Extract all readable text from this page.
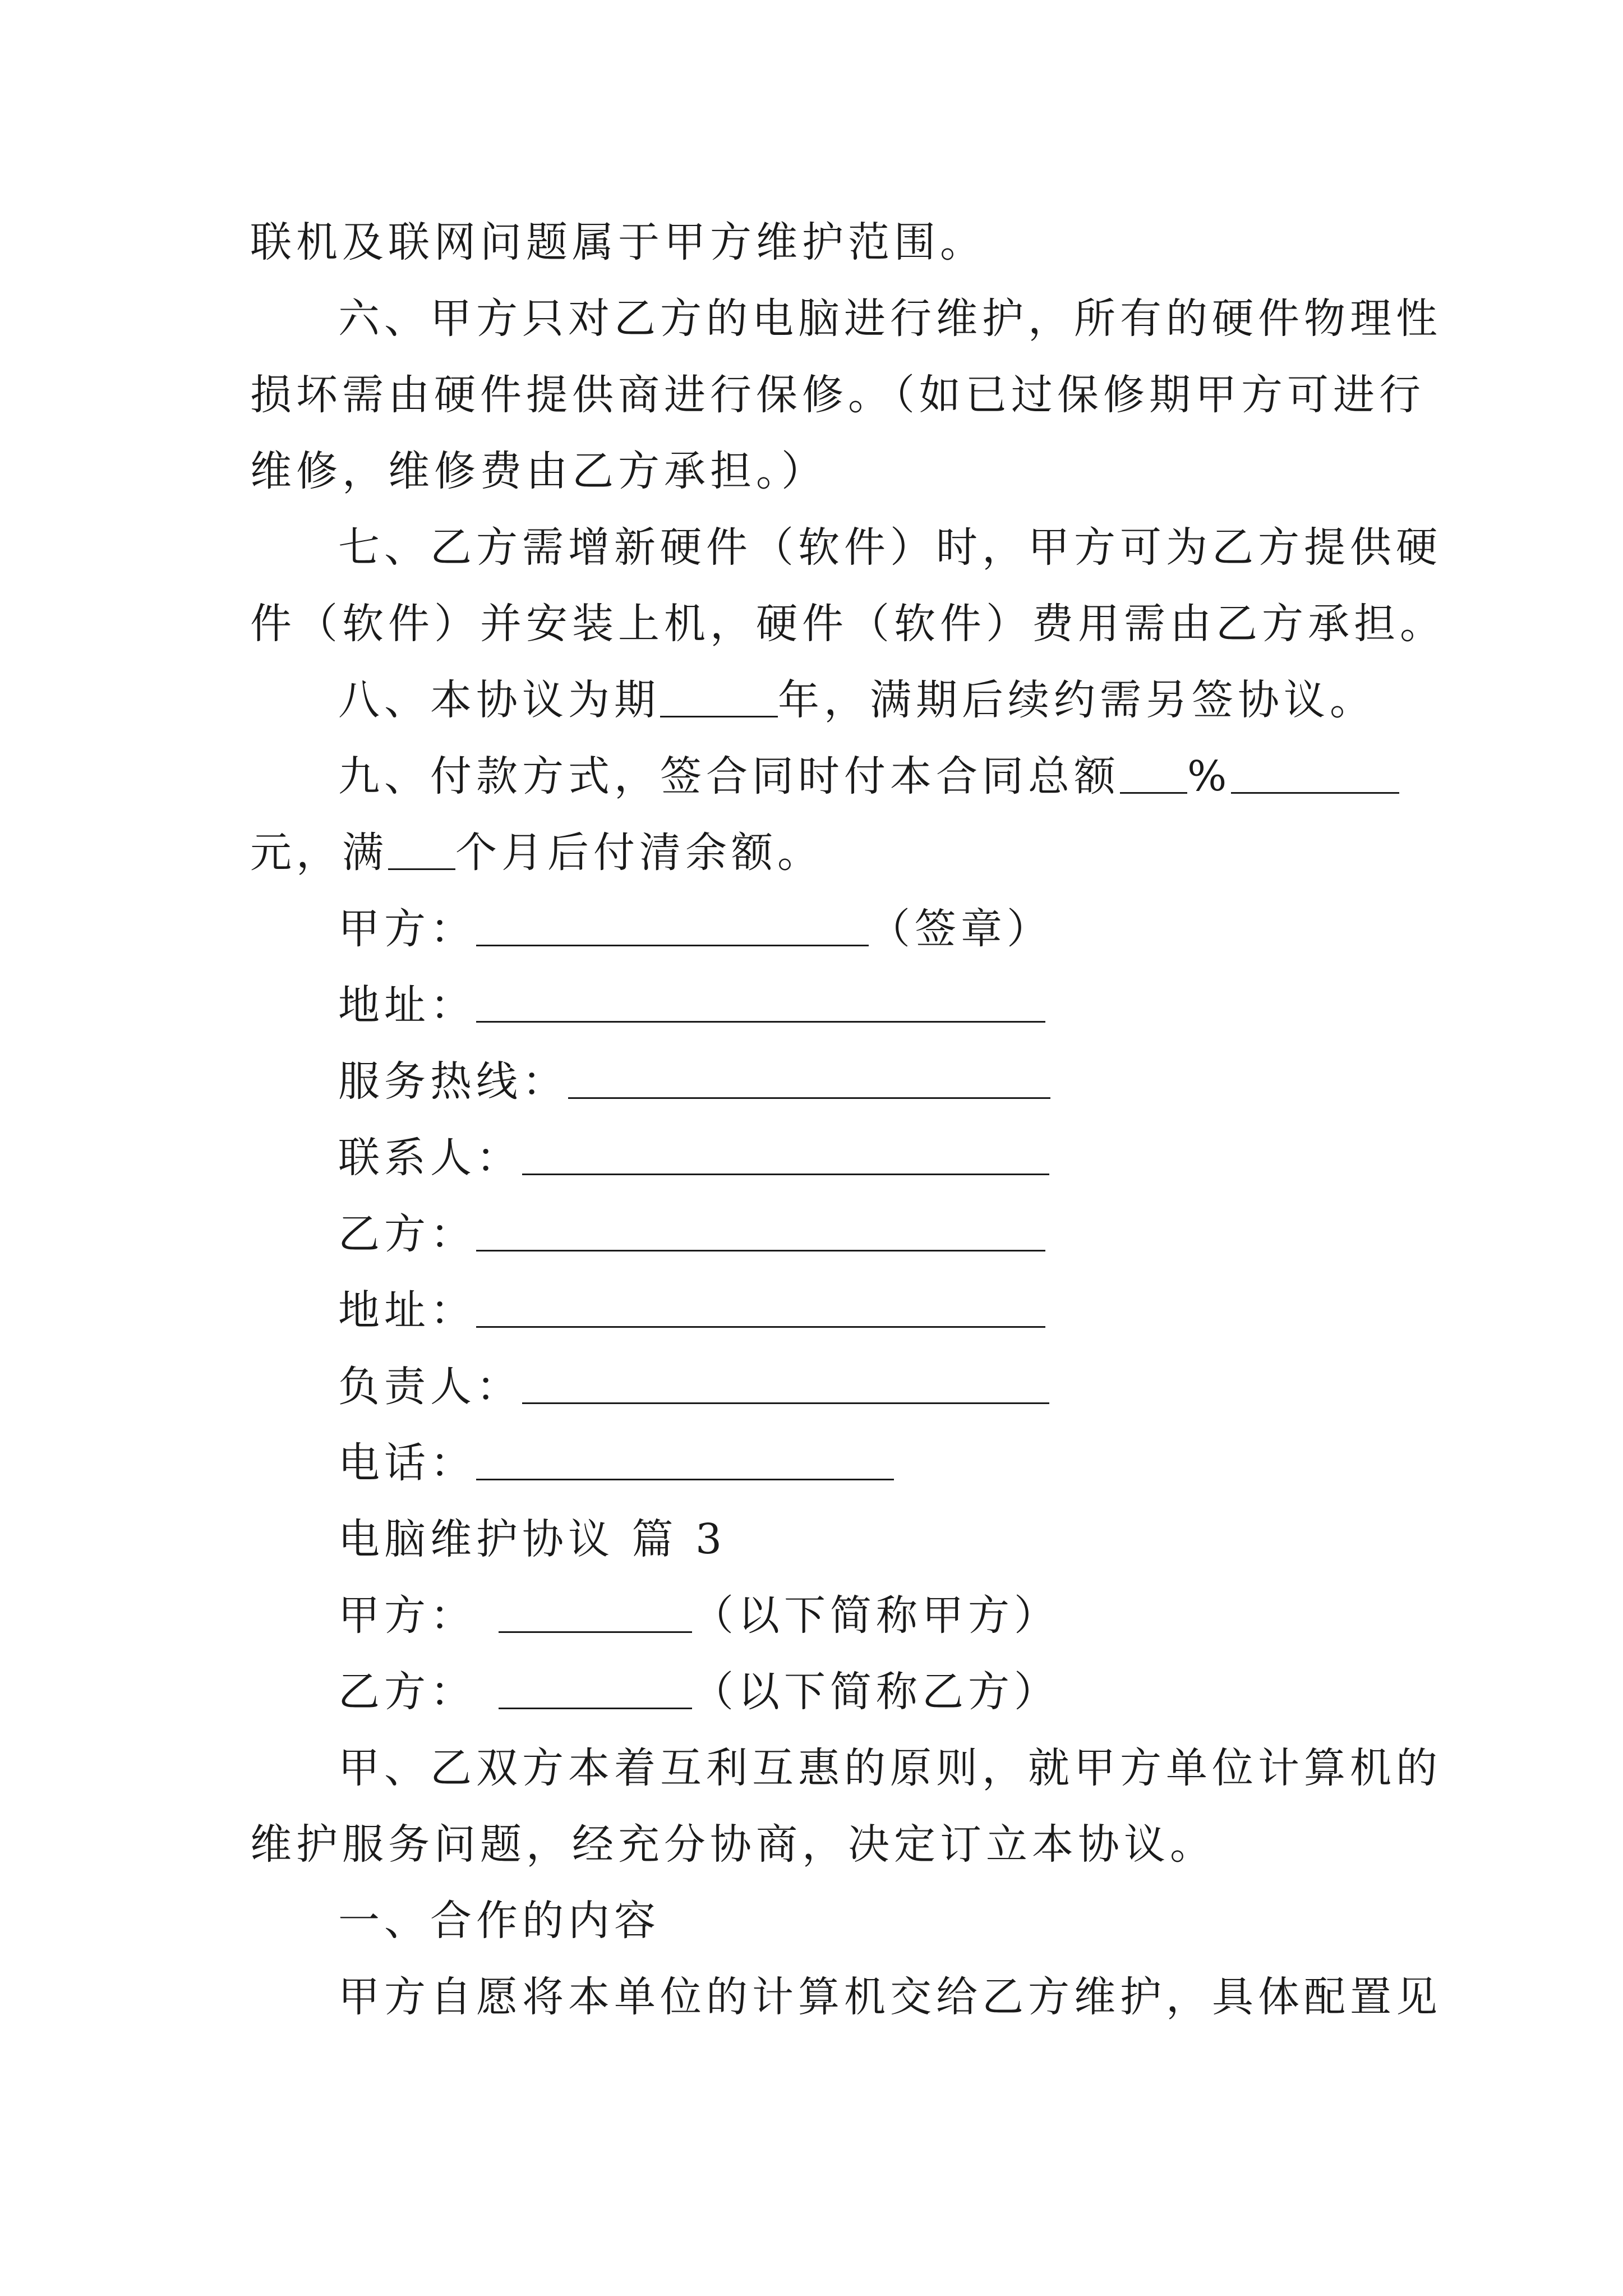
联机及联网问题属于甲方维护范围。
六、甲方只对乙方的电脑进行维护，所有的硬件物理性
损坏需由硬件提供商进行保修。（如已过保修期甲方可进行
维修，维修费由乙方承担。）
七、乙方需增新硬件（软件）时，甲方可为乙方提供硬
件（软件）并安装上机，硬件（软件）费用需由乙方承担。
八、本协议为期	年，满期后续约需另签协议。
九、付款方式，签合同时付本合同总额 %
元，满 个月后付清余额。
甲方：	（签章）
地址：
服务热线：
联系人：
乙方：
地址：
负责人：
电话：
电脑维护协议 篇 3
甲方：	（以下简称甲方）
乙方：	（以下简称乙方）
甲、乙双方本着互利互惠的原则，就甲方单位计算机的
维护服务问题，经充分协商，决定订立本协议。
一、合作的内容
甲方自愿将本单位的计算机交给乙方维护，具体配置见
